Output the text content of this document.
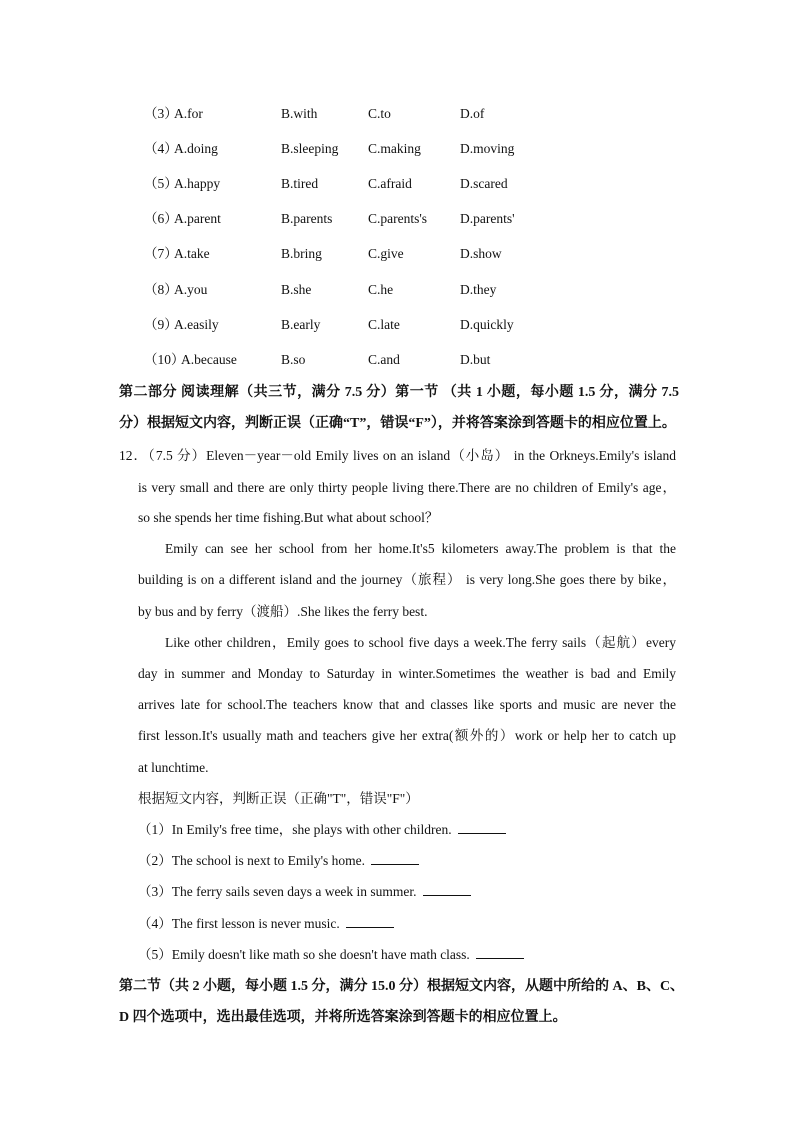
（3）
A.for	B.with	C.to	D.of
（4）
A.doing	B.sleeping C.making	D.moving
（5）
A.happy	B.tired	C.afraid	D.scared
（6）
A.parent	B.parents	C.parents's D.parents'
（7）
A.take	B.bring	C.give	D.show
（8）
A.you	B.she	C.he	D.they
（9）
A.easily	B.early	C.late	D.quickly
（10）
A.because	B.so	C.and	D.but
第二部分 阅读理解（共三节，满分 7.5 分）第一节 （共 1 小题，每小题 1.5 分，满分 7.5
分）根据短文内容，判断正误（正确“T”，错误“F”），并将答案涂到答题卡的相应位置上。
12．（7.5 分）Eleven－year－old Emily lives on an island（小岛） in the Orkneys.Emily's island
is very small and there are only thirty people living there.There are no children of Emily's age，
so she spends her time fishing.But what about school？
Emily can see her school from her home.It's5 kilometers away.The problem is that the
building is on a different island and the journey（旅程） is very long.She goes there by bike，
by bus and by ferry（渡船）.She likes the ferry best.
Like other children，Emily goes to school five days a week.The ferry sails（起航）every
day in summer and Monday to Saturday in winter.Sometimes the weather is bad and Emily
arrives late for school.The teachers know that and classes like sports and music are never the
first lesson.It's usually math and teachers give her extra(额外的）work or help her to catch up
at lunchtime.
根据短文内容，判断正误（正确"T"，错误"F"）
（1）In Emily's free time，she plays with other children.
（2）The school is next to Emily's home.
（3）The ferry sails seven days a week in summer.
（4）The first lesson is never music.
（5）Emily doesn't like math so she doesn't have math class.
第二节（共 2 小题，每小题 1.5 分，满分 15.0 分）根据短文内容，从题中所给的 A、B、C、
D 四个选项中，选出最佳选项，并将所选答案涂到答题卡的相应位置上。
